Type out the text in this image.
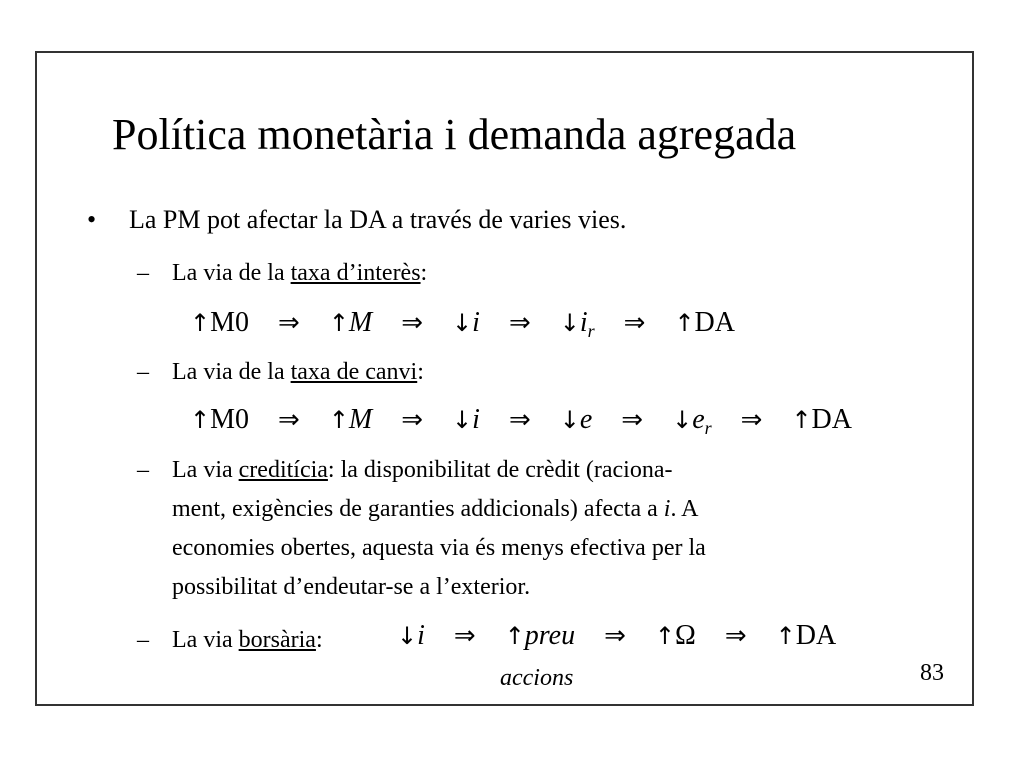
Política monetària i demanda agregada
• La PM pot afectar la DA a través de varies vies.
– La via de la taxa d’interès:
↑M0 ⇒ ↑M ⇒ ↓i ⇒ $↓i_r$ ⇒ ↑DA
– La via de la taxa de canvi:
↑M0 ⇒ ↑M ⇒ ↓i ⇒ ↓e ⇒ $↓e_r$ ⇒ ↑DA
– La via creditícia: la disponibilitat de crèdit (raciona-
ment, exigències de garanties addicionals) afecta a i. A
economies obertes, aquesta via és menys efectiva per la
possibilitat d’endeutar-se a l’exterior.
– La via borsària:	↓i ⇒ ↑preu ⇒ ↑Ω ⇒ ↑DA
accions	83
